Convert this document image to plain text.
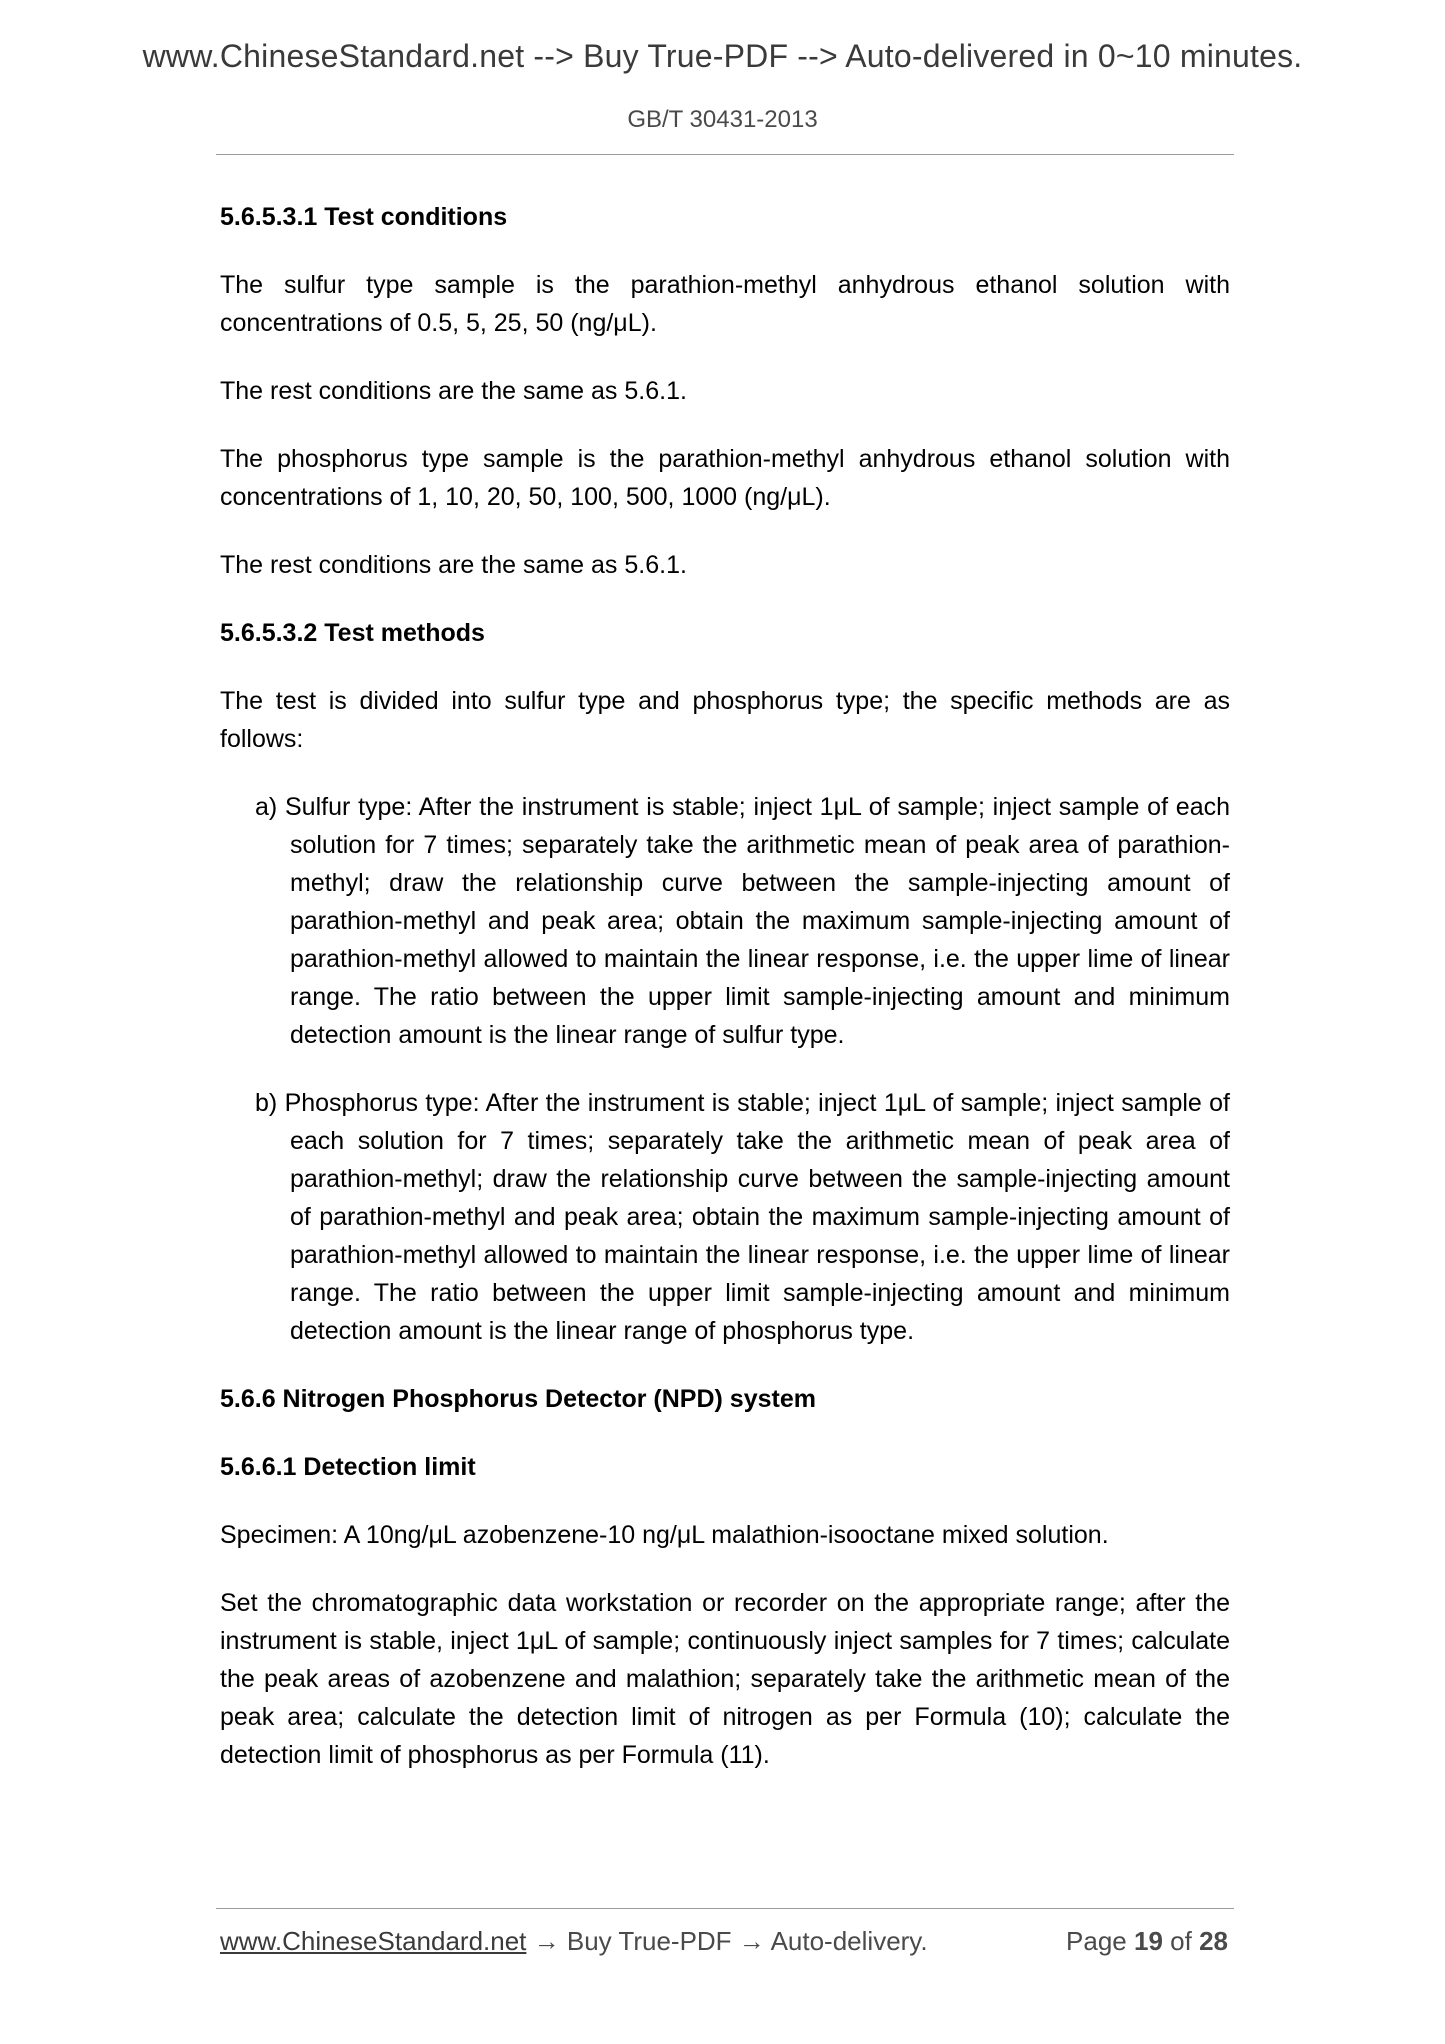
www.ChineseStandard.net --> Buy True-PDF --> Auto-delivered in 0~10 minutes.
GB/T 30431-2013
5.6.5.3.1 Test conditions
The sulfur type sample is the parathion-methyl anhydrous ethanol solution with concentrations of 0.5, 5, 25, 50 (ng/μL).
The rest conditions are the same as 5.6.1.
The phosphorus type sample is the parathion-methyl anhydrous ethanol solution with concentrations of 1, 10, 20, 50, 100, 500, 1000 (ng/μL).
The rest conditions are the same as 5.6.1.
5.6.5.3.2 Test methods
The test is divided into sulfur type and phosphorus type; the specific methods are as follows:
a) Sulfur type: After the instrument is stable; inject 1μL of sample; inject sample of each solution for 7 times; separately take the arithmetic mean of peak area of parathion-methyl; draw the relationship curve between the sample-injecting amount of parathion-methyl and peak area; obtain the maximum sample-injecting amount of parathion-methyl allowed to maintain the linear response, i.e. the upper lime of linear range. The ratio between the upper limit sample-injecting amount and minimum detection amount is the linear range of sulfur type.
b) Phosphorus type: After the instrument is stable; inject 1μL of sample; inject sample of each solution for 7 times; separately take the arithmetic mean of peak area of parathion-methyl; draw the relationship curve between the sample-injecting amount of parathion-methyl and peak area; obtain the maximum sample-injecting amount of parathion-methyl allowed to maintain the linear response, i.e. the upper lime of linear range. The ratio between the upper limit sample-injecting amount and minimum detection amount is the linear range of phosphorus type.
5.6.6 Nitrogen Phosphorus Detector (NPD) system
5.6.6.1 Detection limit
Specimen: A 10ng/μL azobenzene-10 ng/μL malathion-isooctane mixed solution.
Set the chromatographic data workstation or recorder on the appropriate range; after the instrument is stable, inject 1μL of sample; continuously inject samples for 7 times; calculate the peak areas of azobenzene and malathion; separately take the arithmetic mean of the peak area; calculate the detection limit of nitrogen as per Formula (10); calculate the detection limit of phosphorus as per Formula (11).
www.ChineseStandard.net → Buy True-PDF → Auto-delivery.	Page 19 of 28
